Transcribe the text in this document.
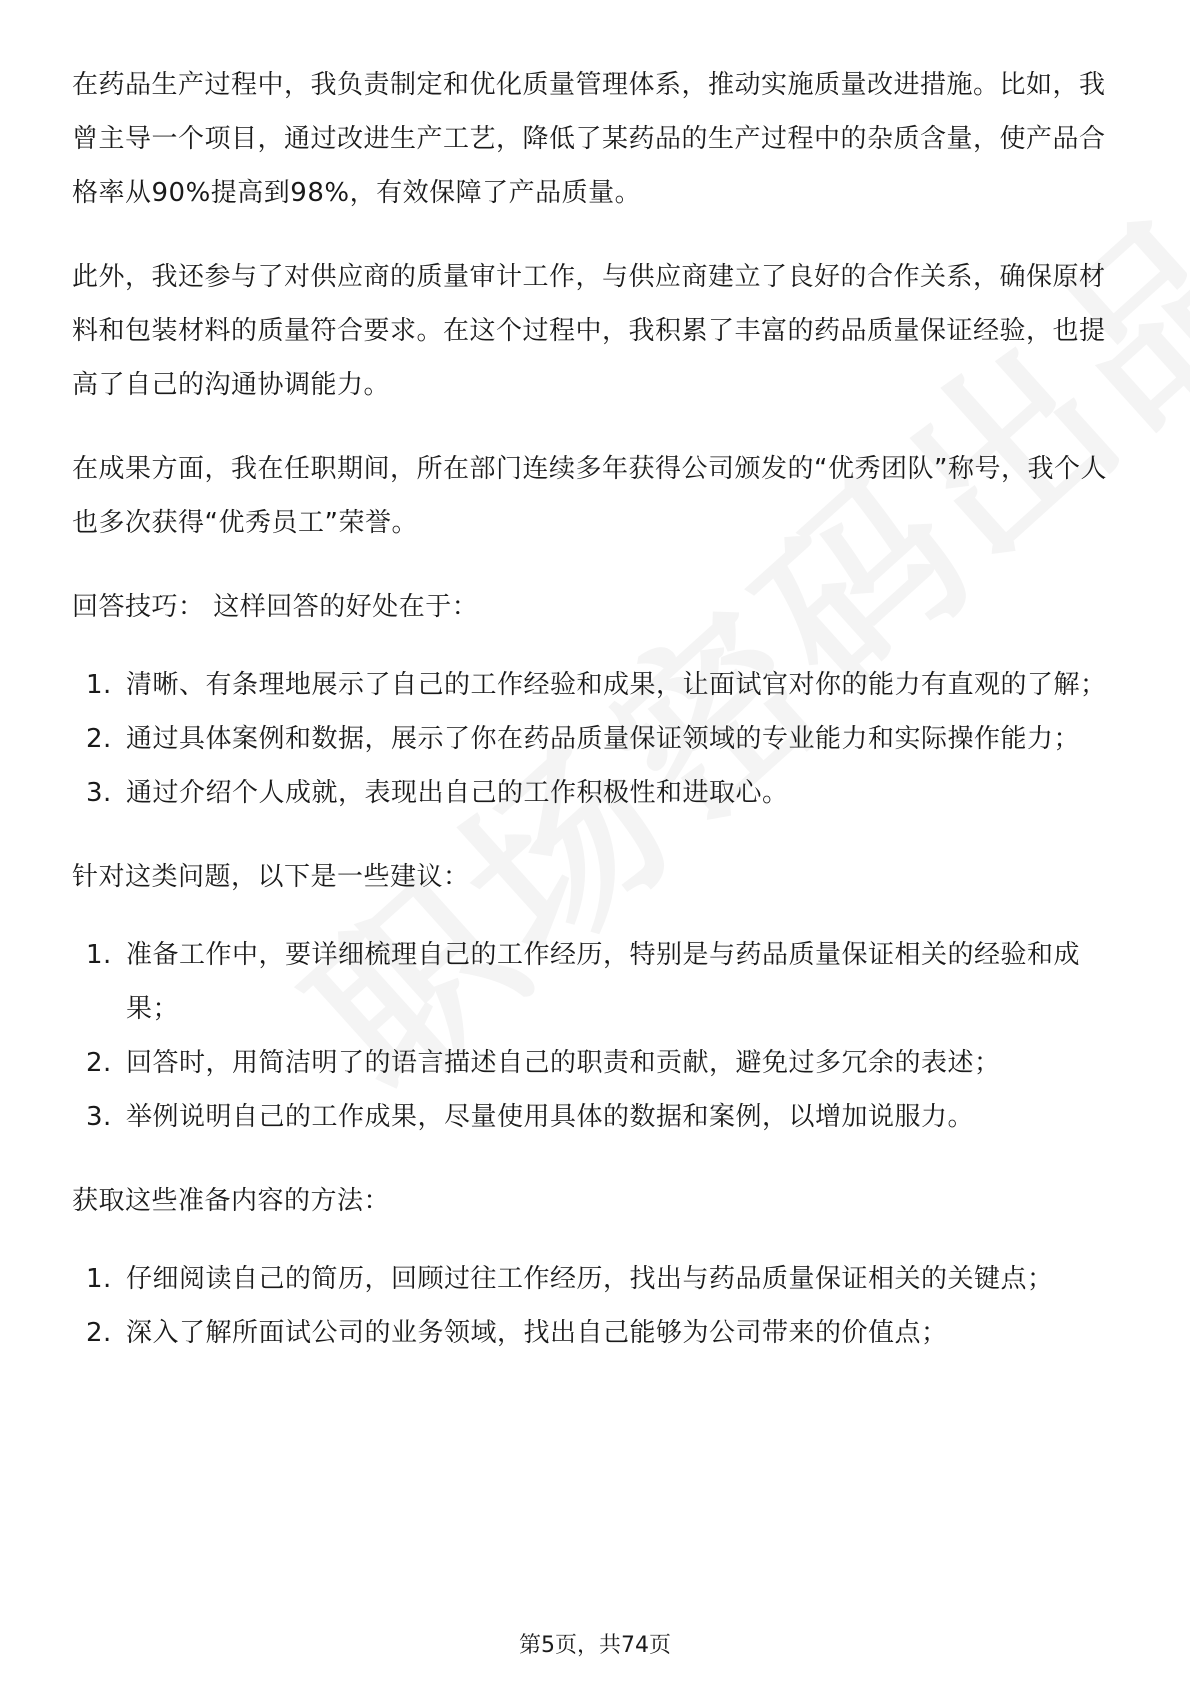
在药品生产过程中，我负责制定和优化质量管理体系，推动实施质量改进措施。比如，我曾主导一个项目，通过改进生产工艺，降低了某药品的生产过程中的杂质含量，使产品合格率从90%提高到98%，有效保障了产品质量。

此外，我还参与了对供应商的质量审计工作，与供应商建立了良好的合作关系，确保原材料和包装材料的质量符合要求。在这个过程中，我积累了丰富的药品质量保证经验，也提高了自己的沟通协调能力。

在成果方面，我在任职期间，所在部门连续多年获得公司颁发的“优秀团队”称号，我个人也多次获得“优秀员工”荣誉。

回答技巧： 这样回答的好处在于：

1. 清晰、有条理地展示了自己的工作经验和成果，让面试官对你的能力有直观的了解；
2. 通过具体案例和数据，展示了你在药品质量保证领域的专业能力和实际操作能力；
3. 通过介绍个人成就，表现出自己的工作积极性和进取心。

针对这类问题，以下是一些建议：

1. 准备工作中，要详细梳理自己的工作经历，特别是与药品质量保证相关的经验和成果；
2. 回答时，用简洁明了的语言描述自己的职责和贡献，避免过多冗余的表述；
3. 举例说明自己的工作成果，尽量使用具体的数据和案例，以增加说服力。

获取这些准备内容的方法：

1. 仔细阅读自己的简历，回顾过往工作经历，找出与药品质量保证相关的关键点；
2. 深入了解所面试公司的业务领域，找出自己能够为公司带来的价值点；
第5页，共74页
